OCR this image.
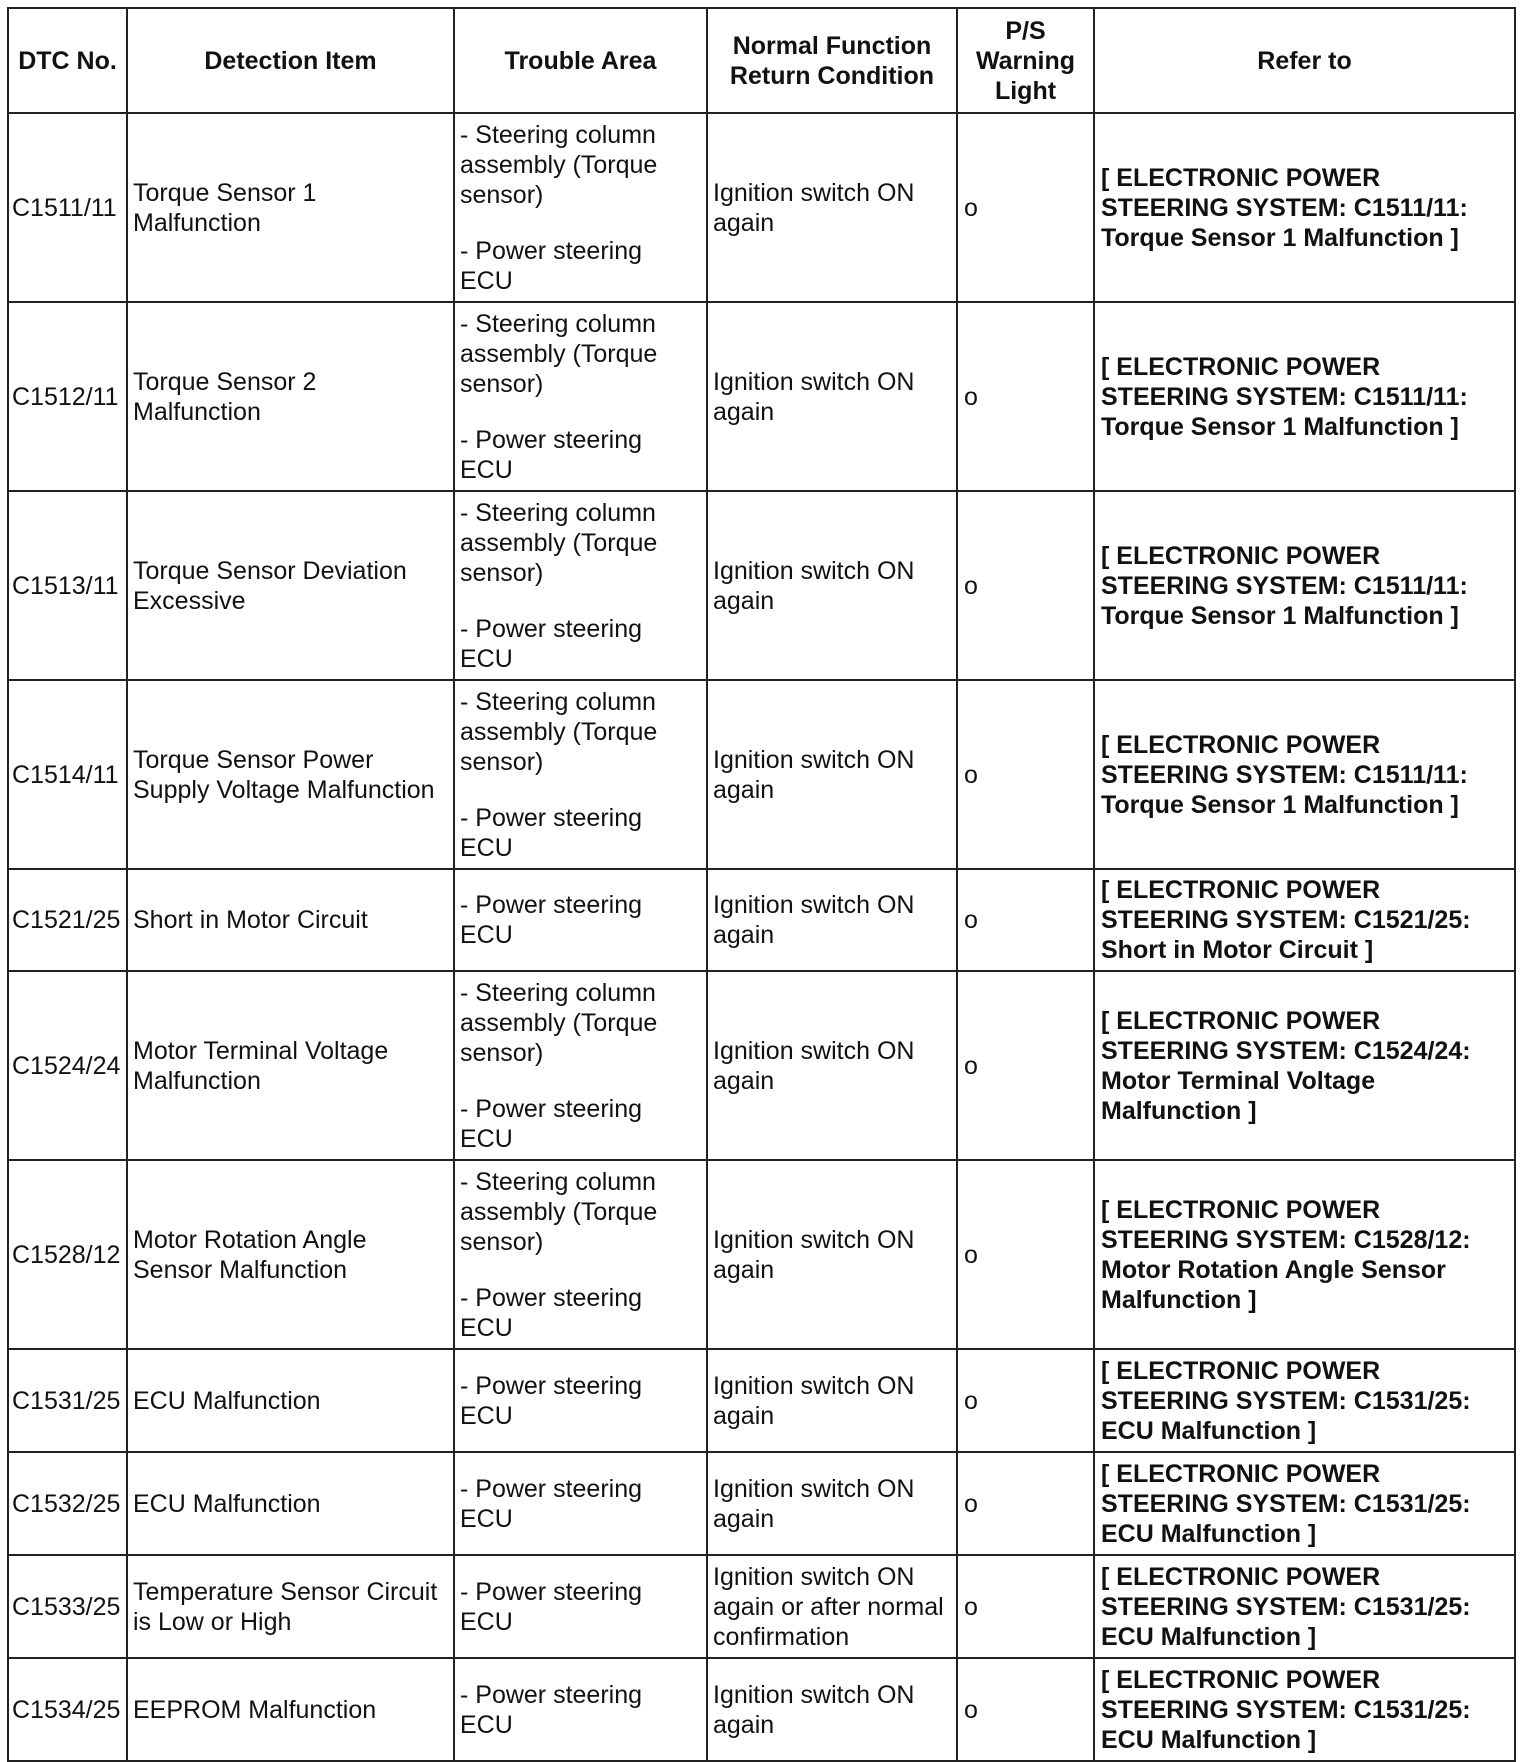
DTC No.	Detection Item	Trouble Area	Normal Function Return Condition	P/S Warning Light	Refer to
C1511/11	Torque Sensor 1 Malfunction	- Steering column assembly (Torque sensor)
- Power steering ECU	Ignition switch ON again	o	[ ELECTRONIC POWER STEERING SYSTEM: C1511/11: Torque Sensor 1 Malfunction ]
C1512/11	Torque Sensor 2 Malfunction	- Steering column assembly (Torque sensor)
- Power steering ECU	Ignition switch ON again	o	[ ELECTRONIC POWER STEERING SYSTEM: C1511/11: Torque Sensor 1 Malfunction ]
C1513/11	Torque Sensor Deviation Excessive	- Steering column assembly (Torque sensor)
- Power steering ECU	Ignition switch ON again	o	[ ELECTRONIC POWER STEERING SYSTEM: C1511/11: Torque Sensor 1 Malfunction ]
C1514/11	Torque Sensor Power Supply Voltage Malfunction	- Steering column assembly (Torque sensor)
- Power steering ECU	Ignition switch ON again	o	[ ELECTRONIC POWER STEERING SYSTEM: C1511/11: Torque Sensor 1 Malfunction ]
C1521/25	Short in Motor Circuit	- Power steering ECU	Ignition switch ON again	o	[ ELECTRONIC POWER STEERING SYSTEM: C1521/25: Short in Motor Circuit ]
C1524/24	Motor Terminal Voltage Malfunction	- Steering column assembly (Torque sensor)
- Power steering ECU	Ignition switch ON again	o	[ ELECTRONIC POWER STEERING SYSTEM: C1524/24: Motor Terminal Voltage Malfunction ]
C1528/12	Motor Rotation Angle Sensor Malfunction	- Steering column assembly (Torque sensor)
- Power steering ECU	Ignition switch ON again	o	[ ELECTRONIC POWER STEERING SYSTEM: C1528/12: Motor Rotation Angle Sensor Malfunction ]
C1531/25	ECU Malfunction	- Power steering ECU	Ignition switch ON again	o	[ ELECTRONIC POWER STEERING SYSTEM: C1531/25: ECU Malfunction ]
C1532/25	ECU Malfunction	- Power steering ECU	Ignition switch ON again	o	[ ELECTRONIC POWER STEERING SYSTEM: C1531/25: ECU Malfunction ]
C1533/25	Temperature Sensor Circuit is Low or High	- Power steering ECU	Ignition switch ON again or after normal confirmation	o	[ ELECTRONIC POWER STEERING SYSTEM: C1531/25: ECU Malfunction ]
C1534/25	EEPROM Malfunction	- Power steering ECU	Ignition switch ON again	o	[ ELECTRONIC POWER STEERING SYSTEM: C1531/25: ECU Malfunction ]
